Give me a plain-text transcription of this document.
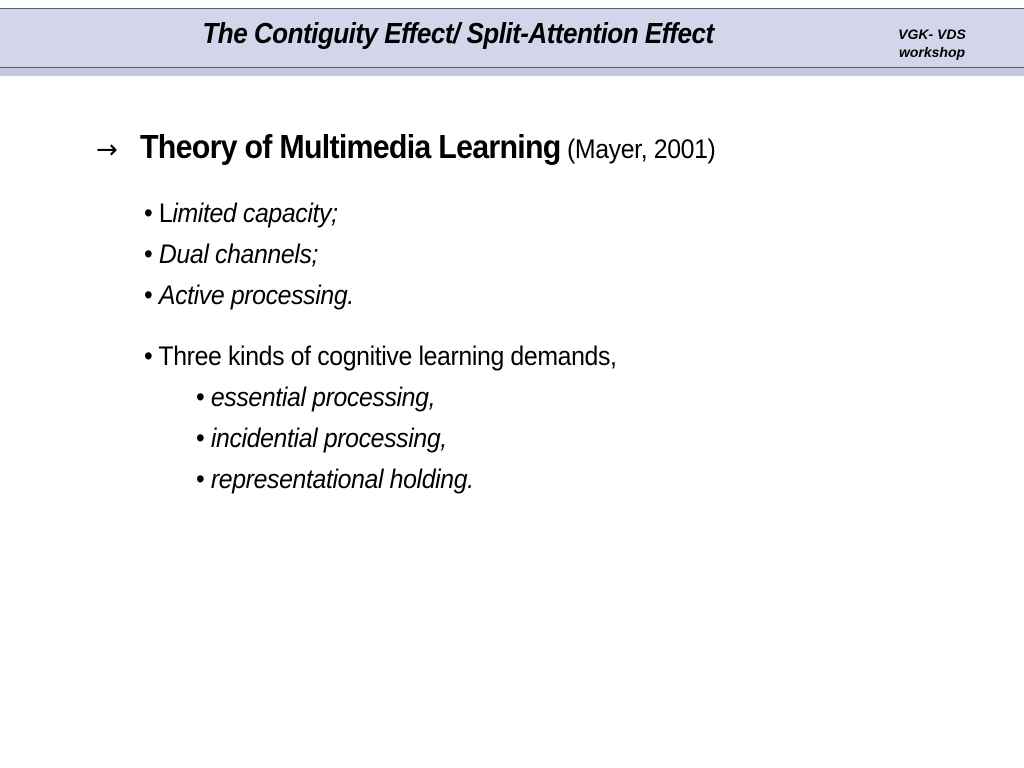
The Contiguity Effect/ Split-Attention Effect	VGK- VDS
workshop
→ Theory of Multimedia Learning (Mayer, 2001)
• Limited capacity;
• Dual channels;
• Active processing.
• Three kinds of cognitive learning demands,
• essential processing,
• incidential processing,
• representational holding.
